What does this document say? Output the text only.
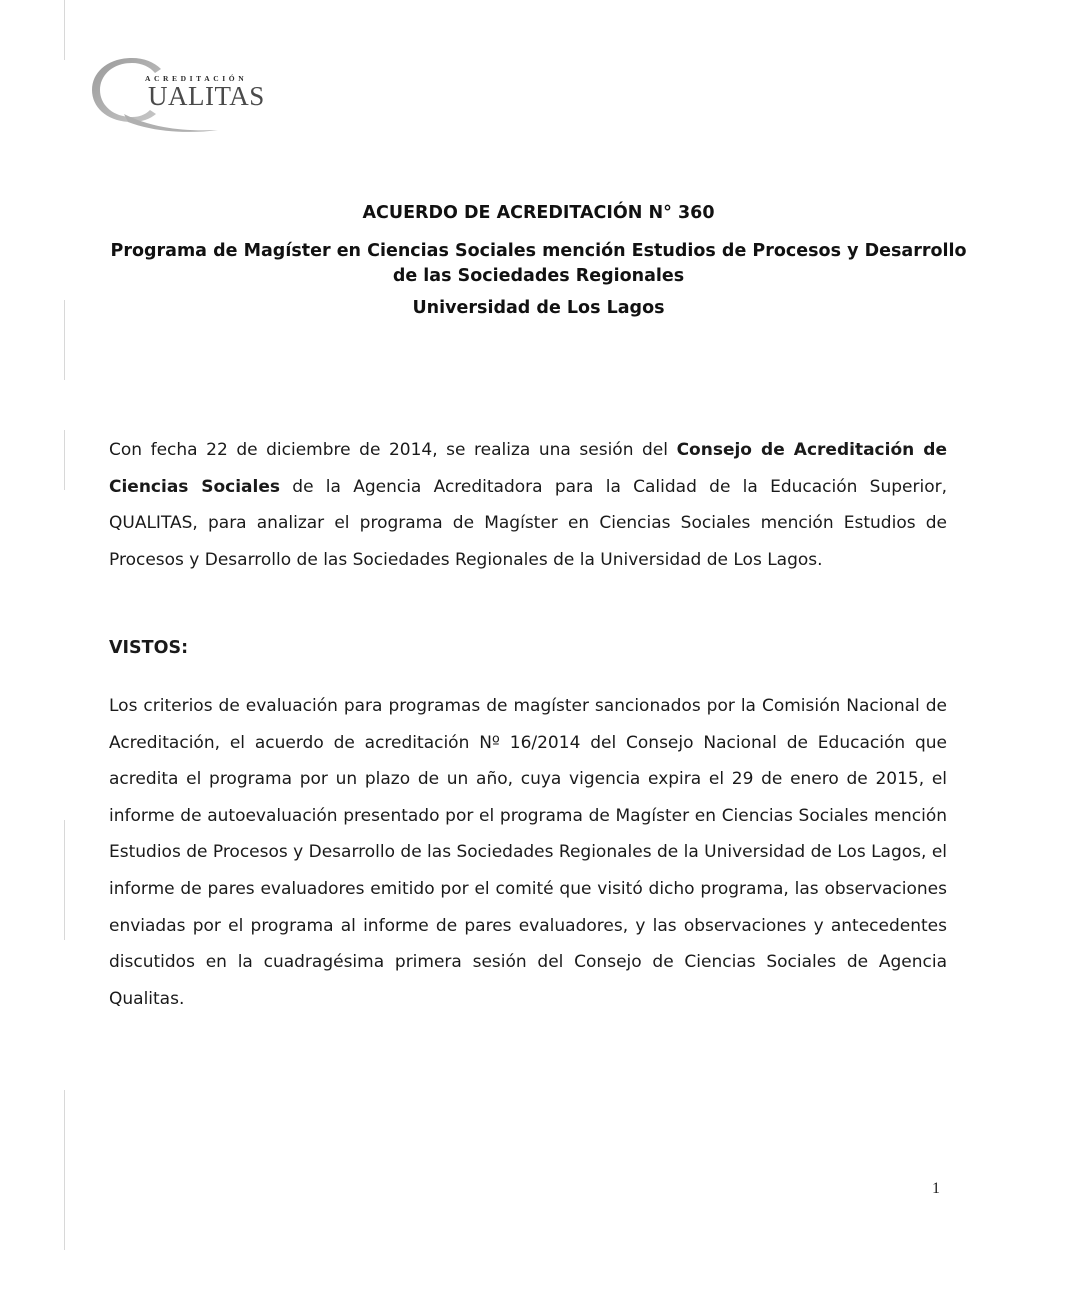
ACREDITACIÓN
UALITAS
ACUERDO DE ACREDITACIÓN N° 360
Programa de Magíster en Ciencias Sociales mención Estudios de Procesos y Desarrollo de las Sociedades Regionales
Universidad de Los Lagos
Con fecha 22 de diciembre de 2014, se realiza una sesión del Consejo de Acreditación de Ciencias Sociales de la Agencia Acreditadora para la Calidad de la Educación Superior, QUALITAS, para analizar el programa de Magíster en Ciencias Sociales mención Estudios de Procesos y Desarrollo de las Sociedades Regionales de la Universidad de Los Lagos.
VISTOS:
Los criterios de evaluación para programas de magíster sancionados por la Comisión Nacional de Acreditación, el acuerdo de acreditación Nº 16/2014 del Consejo Nacional de Educación que acredita el programa por un plazo de un año, cuya vigencia expira el 29 de enero de 2015, el informe de autoevaluación presentado por el programa de Magíster en Ciencias Sociales mención Estudios de Procesos y Desarrollo de las Sociedades Regionales de la Universidad de Los Lagos, el informe de pares evaluadores emitido por el comité que visitó dicho programa, las observaciones enviadas por el programa al informe de pares evaluadores, y las observaciones y antecedentes discutidos en la cuadragésima primera sesión del Consejo de Ciencias Sociales de Agencia Qualitas.
1
